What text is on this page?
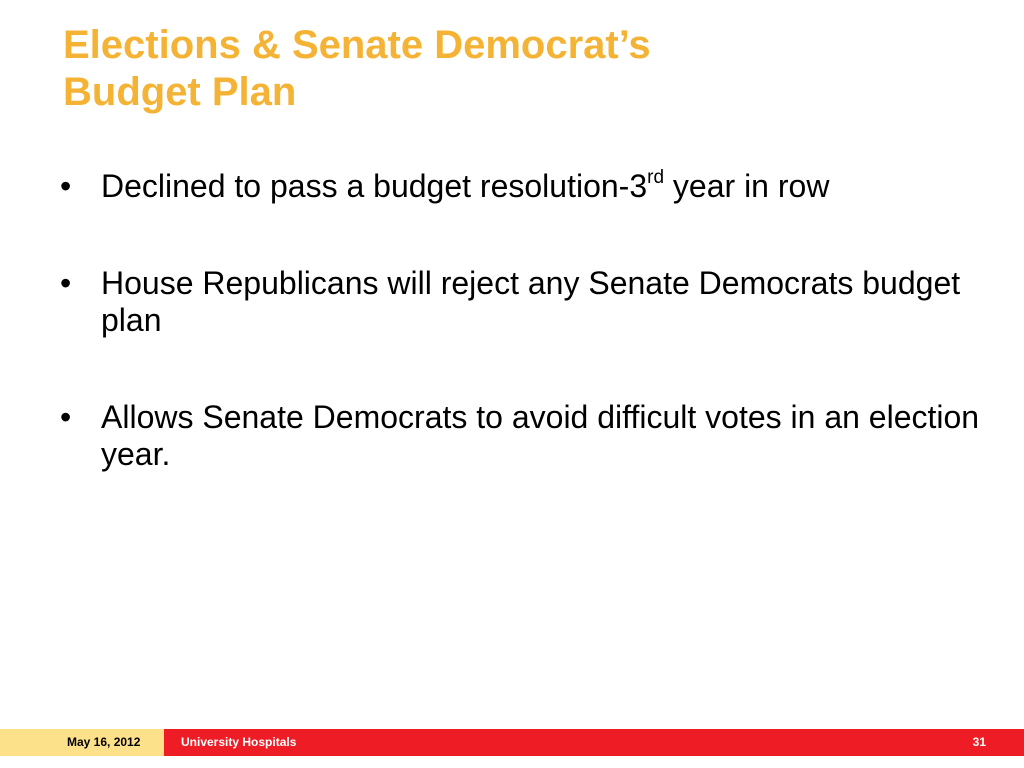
Elections & Senate Democrat’s
Budget Plan
• Declined to pass a budget resolution-3rd year in row
• House Republicans will reject any Senate Democrats budget plan
• Allows Senate Democrats to avoid difficult votes in an election year.
May 16, 2012	University Hospitals	31
